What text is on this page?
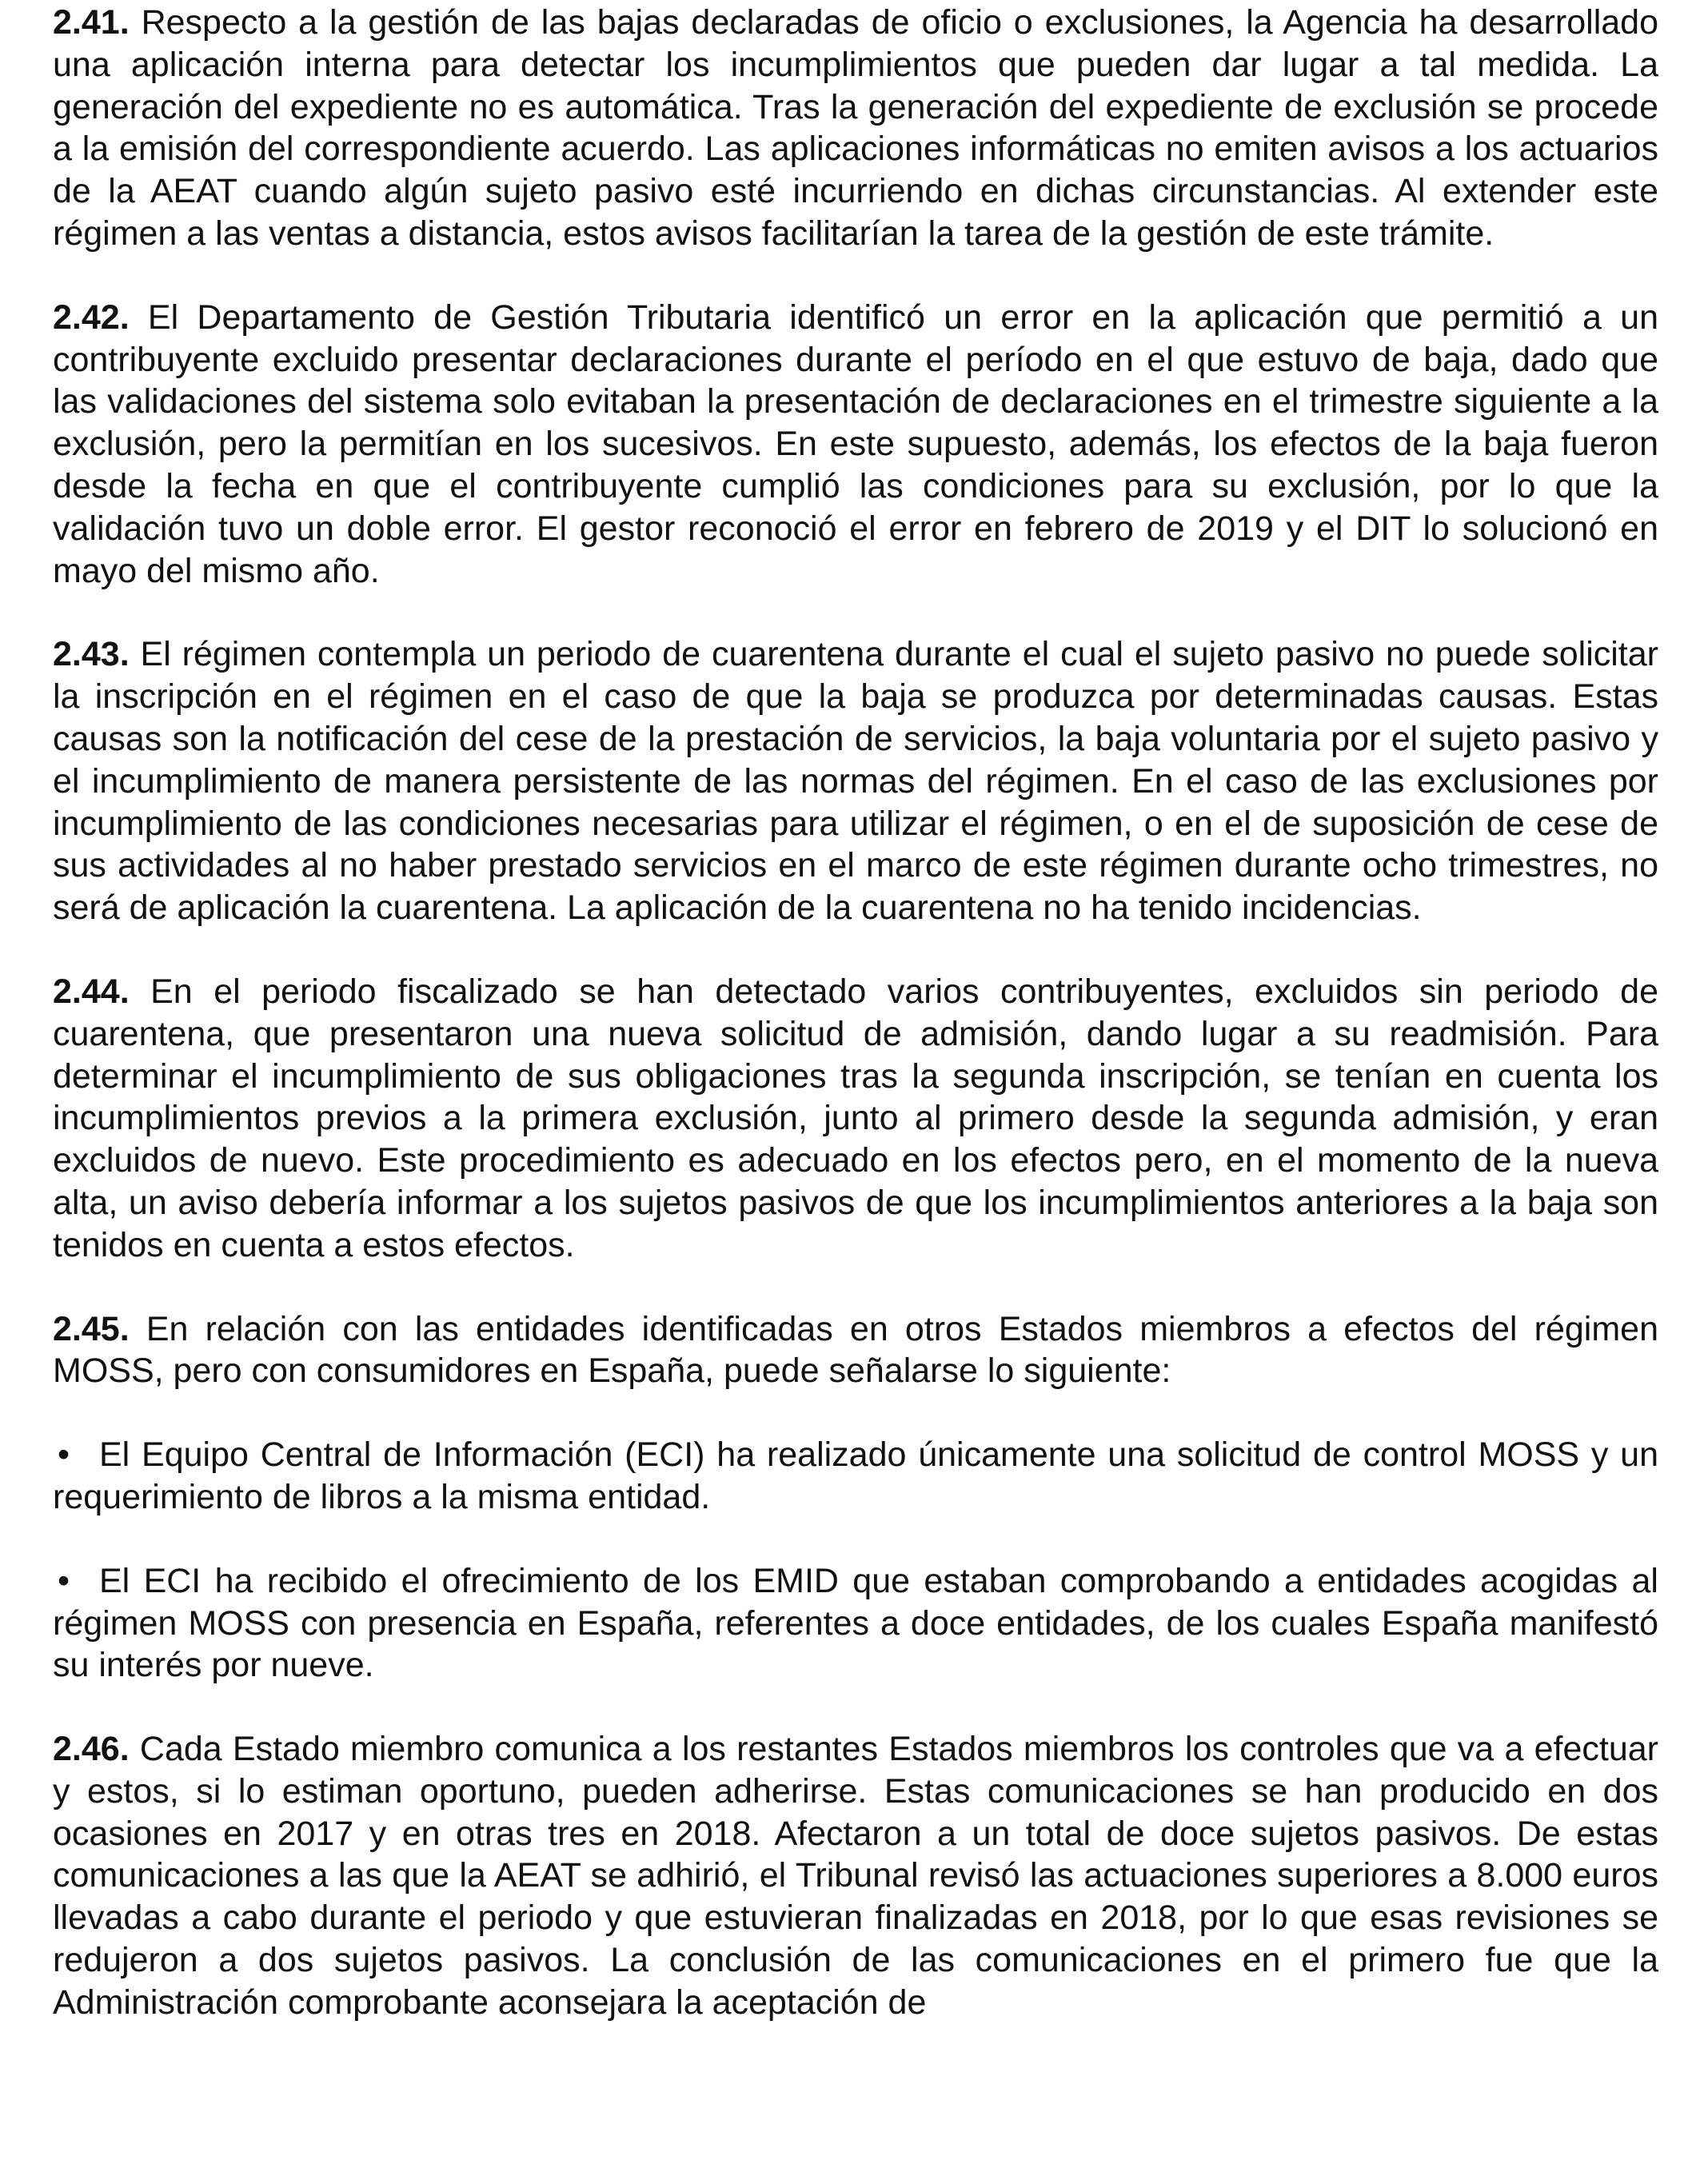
2.41. Respecto a la gestión de las bajas declaradas de oficio o exclusiones, la Agencia ha desarrollado una aplicación interna para detectar los incumplimientos que pueden dar lugar a tal medida. La generación del expediente no es automática. Tras la generación del expediente de exclusión se procede a la emisión del correspondiente acuerdo. Las aplicaciones informáticas no emiten avisos a los actuarios de la AEAT cuando algún sujeto pasivo esté incurriendo en dichas circunstancias. Al extender este régimen a las ventas a distancia, estos avisos facilitarían la tarea de la gestión de este trámite.

2.42. El Departamento de Gestión Tributaria identificó un error en la aplicación que permitió a un contribuyente excluido presentar declaraciones durante el período en el que estuvo de baja, dado que las validaciones del sistema solo evitaban la presentación de declaraciones en el trimestre siguiente a la exclusión, pero la permitían en los sucesivos. En este supuesto, además, los efectos de la baja fueron desde la fecha en que el contribuyente cumplió las condiciones para su exclusión, por lo que la validación tuvo un doble error. El gestor reconoció el error en febrero de 2019 y el DIT lo solucionó en mayo del mismo año.

2.43. El régimen contempla un periodo de cuarentena durante el cual el sujeto pasivo no puede solicitar la inscripción en el régimen en el caso de que la baja se produzca por determinadas causas. Estas causas son la notificación del cese de la prestación de servicios, la baja voluntaria por el sujeto pasivo y el incumplimiento de manera persistente de las normas del régimen. En el caso de las exclusiones por incumplimiento de las condiciones necesarias para utilizar el régimen, o en el de suposición de cese de sus actividades al no haber prestado servicios en el marco de este régimen durante ocho trimestres, no será de aplicación la cuarentena. La aplicación de la cuarentena no ha tenido incidencias.

2.44. En el periodo fiscalizado se han detectado varios contribuyentes, excluidos sin periodo de cuarentena, que presentaron una nueva solicitud de admisión, dando lugar a su readmisión. Para determinar el incumplimiento de sus obligaciones tras la segunda inscripción, se tenían en cuenta los incumplimientos previos a la primera exclusión, junto al primero desde la segunda admisión, y eran excluidos de nuevo. Este procedimiento es adecuado en los efectos pero, en el momento de la nueva alta, un aviso debería informar a los sujetos pasivos de que los incumplimientos anteriores a la baja son tenidos en cuenta a estos efectos.

2.45. En relación con las entidades identificadas en otros Estados miembros a efectos del régimen MOSS, pero con consumidores en España, puede señalarse lo siguiente:

• El Equipo Central de Información (ECI) ha realizado únicamente una solicitud de control MOSS y un requerimiento de libros a la misma entidad.

• El ECI ha recibido el ofrecimiento de los EMID que estaban comprobando a entidades acogidas al régimen MOSS con presencia en España, referentes a doce entidades, de los cuales España manifestó su interés por nueve.

2.46. Cada Estado miembro comunica a los restantes Estados miembros los controles que va a efectuar y estos, si lo estiman oportuno, pueden adherirse. Estas comunicaciones se han producido en dos ocasiones en 2017 y en otras tres en 2018. Afectaron a un total de doce sujetos pasivos. De estas comunicaciones a las que la AEAT se adhirió, el Tribunal revisó las actuaciones superiores a 8.000 euros llevadas a cabo durante el periodo y que estuvieran finalizadas en 2018, por lo que esas revisiones se redujeron a dos sujetos pasivos. La conclusión de las comunicaciones en el primero fue que la Administración comprobante aconsejara la aceptación de
